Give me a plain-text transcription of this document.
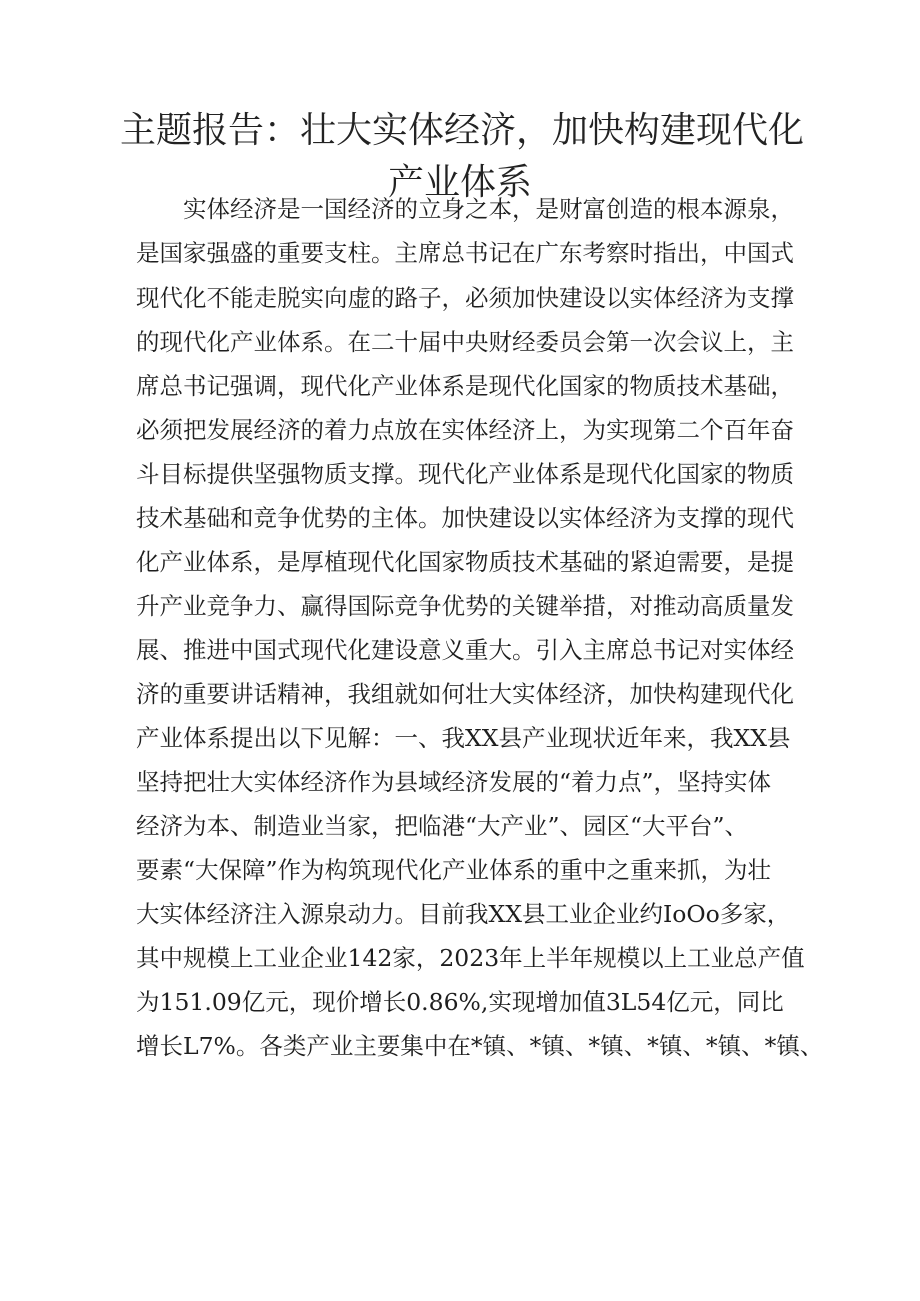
主题报告：壮大实体经济，加快构建现代化
产业体系
实体经济是一国经济的立身之本，是财富创造的根本源泉，
是国家强盛的重要支柱。主席总书记在广东考察时指出，中国式
现代化不能走脱实向虚的路子，必须加快建设以实体经济为支撑
的现代化产业体系。在二十届中央财经委员会第一次会议上，主
席总书记强调，现代化产业体系是现代化国家的物质技术基础，
必须把发展经济的着力点放在实体经济上，为实现第二个百年奋
斗目标提供坚强物质支撑。现代化产业体系是现代化国家的物质
技术基础和竞争优势的主体。加快建设以实体经济为支撑的现代
化产业体系，是厚植现代化国家物质技术基础的紧迫需要，是提
升产业竞争力、赢得国际竞争优势的关键举措，对推动高质量发
展、推进中国式现代化建设意义重大。引入主席总书记对实体经
济的重要讲话精神，我组就如何壮大实体经济，加快构建现代化
产业体系提出以下见解：一、我XX县产业现状近年来，我XX县
坚持把壮大实体经济作为县域经济发展的“着力点”，坚持实体
经济为本、制造业当家，把临港“大产业”、园区“大平台”、
要素“大保障”作为构筑现代化产业体系的重中之重来抓，为壮
大实体经济注入源泉动力。目前我XX县工业企业约IoOo多家，
其中规模上工业企业142家，2023年上半年规模以上工业总产值
为151.09亿元，现价增长0.86%,实现增加值3L54亿元，同比
增长L7%。各类产业主要集中在*镇、*镇、*镇、*镇、*镇、*镇、
